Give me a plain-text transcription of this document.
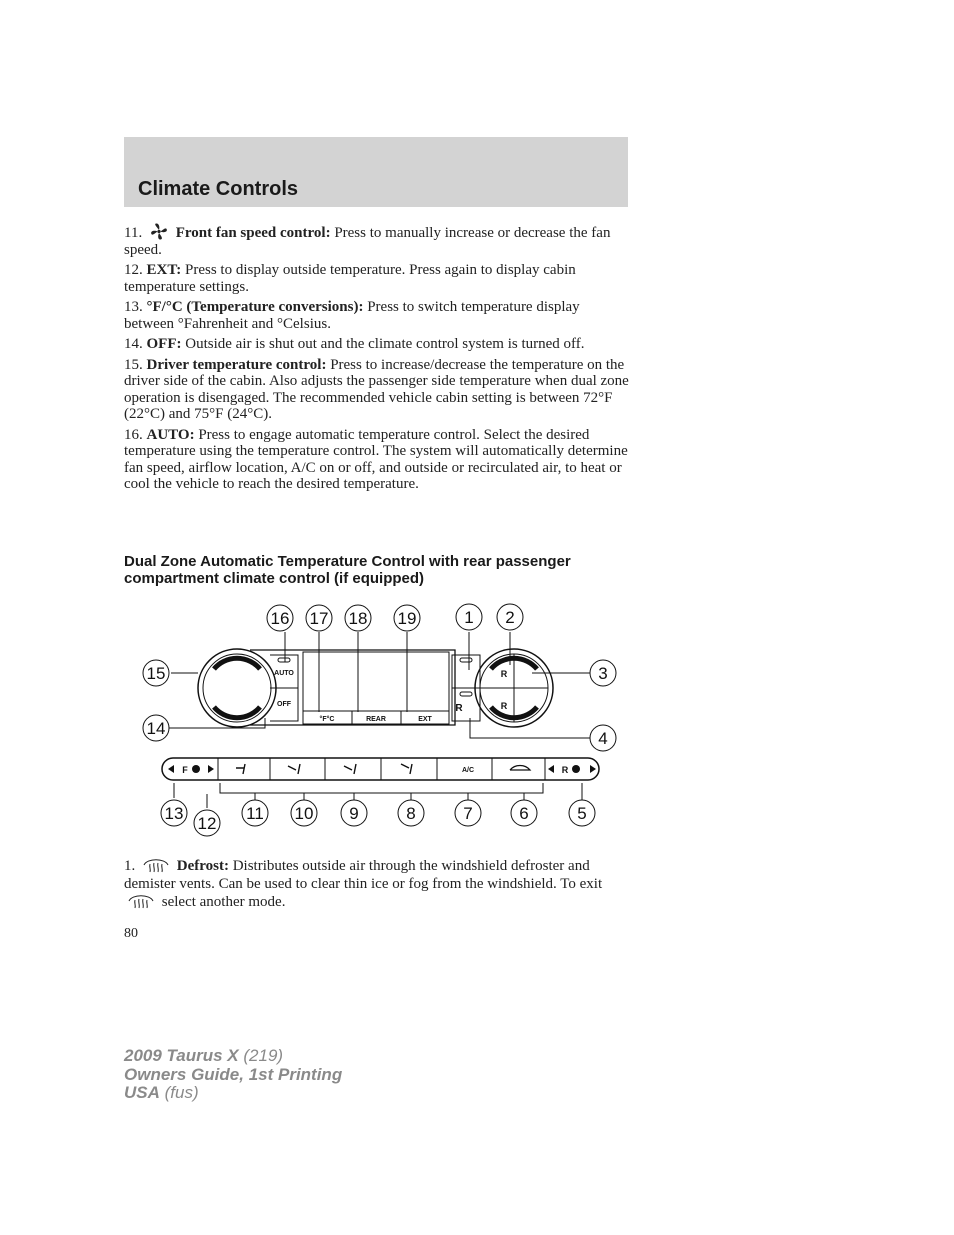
Climate Controls

11. Front fan speed control: Press to manually increase or decrease the fan speed.

12. EXT: Press to display outside temperature. Press again to display cabin temperature settings.

13. °F/°C (Temperature conversions): Press to switch temperature display between °Fahrenheit and °Celsius.

14. OFF: Outside air is shut out and the climate control system is turned off.

15. Driver temperature control: Press to increase/decrease the temperature on the driver side of the cabin. Also adjusts the passenger side temperature when dual zone operation is disengaged. The recommended vehicle cabin setting is between 72°F (22°C) and 75°F (24°C).

16. AUTO: Press to engage automatic temperature control. Select the desired temperature using the temperature control. The system will automatically determine fan speed, airflow location, A/C on or off, and outside or recirculated air, to heat or cool the vehicle to reach the desired temperature.

Dual Zone Automatic Temperature Control with rear passenger compartment climate control (if equipped)
AUTO
OFF
°F°C	REAR	EXT
A/C
R
R
R
F	R
16 17 18 19	1 2
15
14
3
4
13
12
11 10 9	8	7	6	5

1.	Defrost: Distributes outside air through the windshield defroster and demister vents. Can be used to clear thin ice or fog from the windshield. To exit  select another mode.

80
2009 Taurus X (219)
Owners Guide, 1st Printing
USA (fus)
